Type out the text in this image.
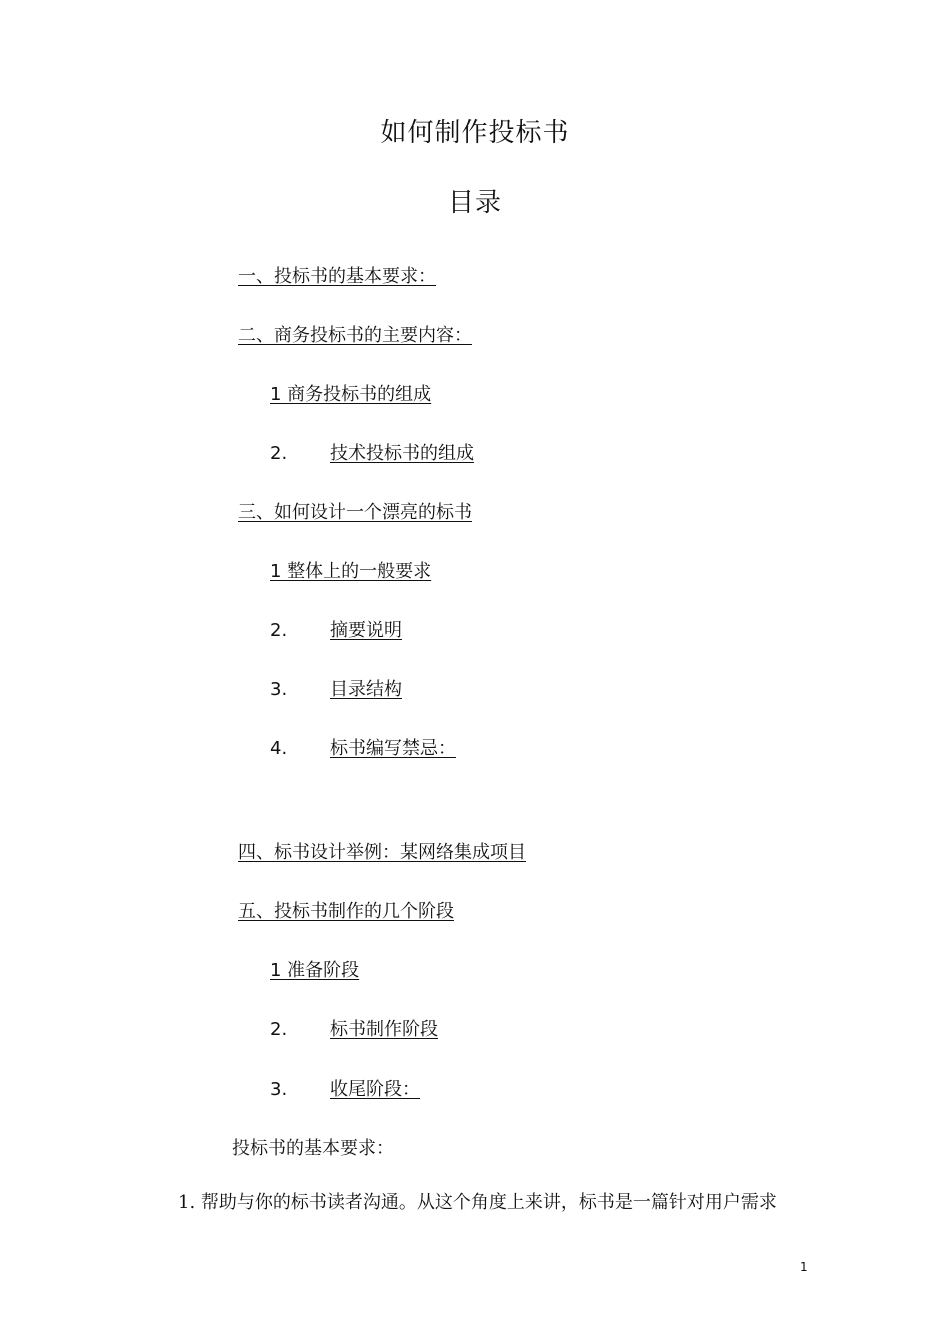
如何制作投标书
目录
一、投标书的基本要求：
二、商务投标书的主要内容：
1 商务投标书的组成
2. 技术投标书的组成
三、如何设计一个漂亮的标书
1 整体上的一般要求
2. 摘要说明
3. 目录结构
4. 标书编写禁忌：
四、标书设计举例：某网络集成项目
五、投标书制作的几个阶段
1 准备阶段
2. 标书制作阶段
3. 收尾阶段：
投标书的基本要求：
1. 帮助与你的标书读者沟通。从这个角度上来讲，标书是一篇针对用户需求
1
